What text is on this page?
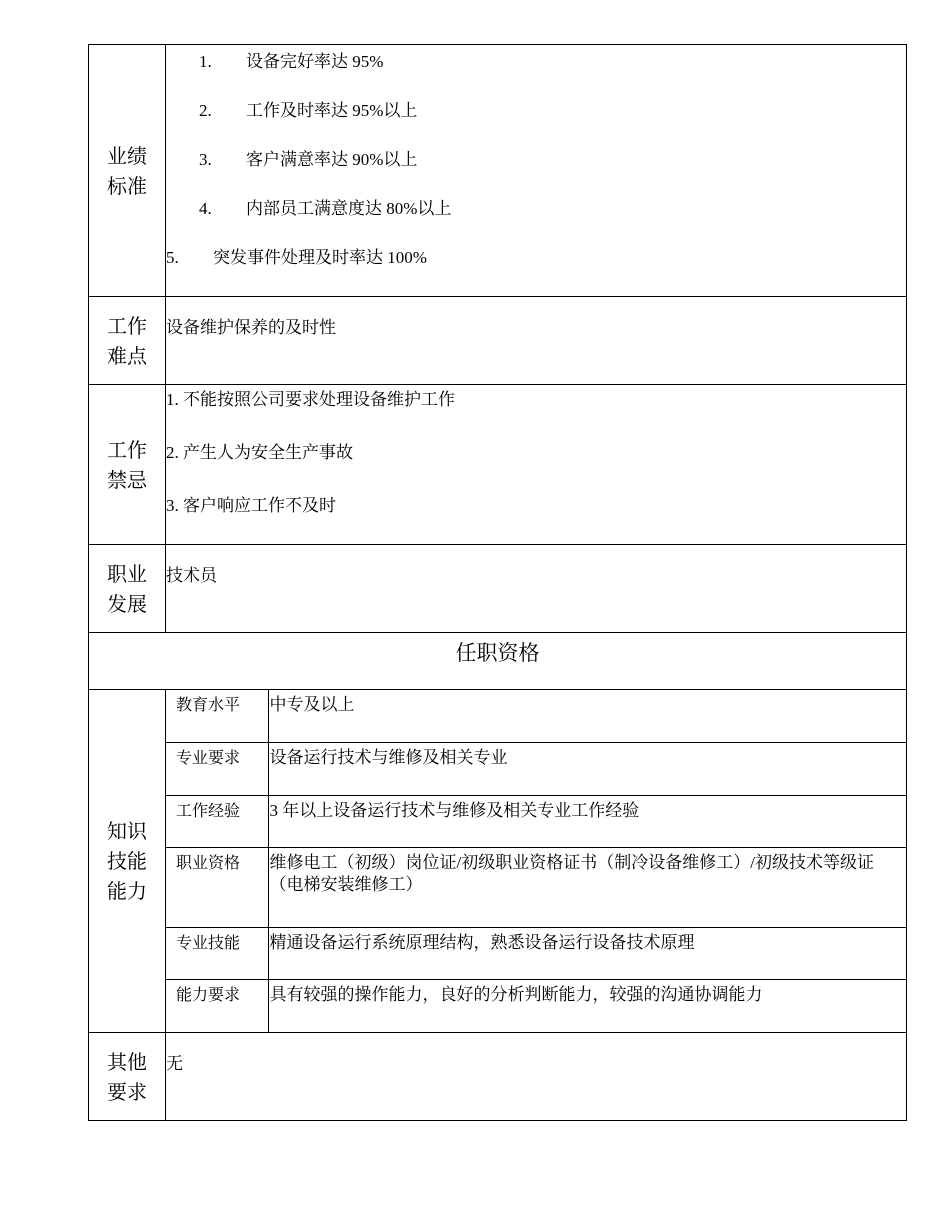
业绩
标准

1. 设备完好率达 95%
2. 工作及时率达 95%以上
3. 客户满意率达 90%以上
4. 内部员工满意度达 80%以上
5. 突发事件处理及时率达 100%

工作
难点

设备维护保养的及时性

工作
禁忌

1. 不能按照公司要求处理设备维护工作
2. 产生人为安全生产事故
3. 客户响应工作不及时

职业
发展

技术员

任职资格

知识
技能
能力

教育水平	中专及以上
专业要求	设备运行技术与维修及相关专业
工作经验	3 年以上设备运行技术与维修及相关专业工作经验
职业资格	维修电工（初级）岗位证/初级职业资格证书（制冷设备维修工）/初级技术等级证（电梯安装维修工）
专业技能	精通设备运行系统原理结构，熟悉设备运行设备技术原理
能力要求	具有较强的操作能力，良好的分析判断能力，较强的沟通协调能力

其他
要求

无
